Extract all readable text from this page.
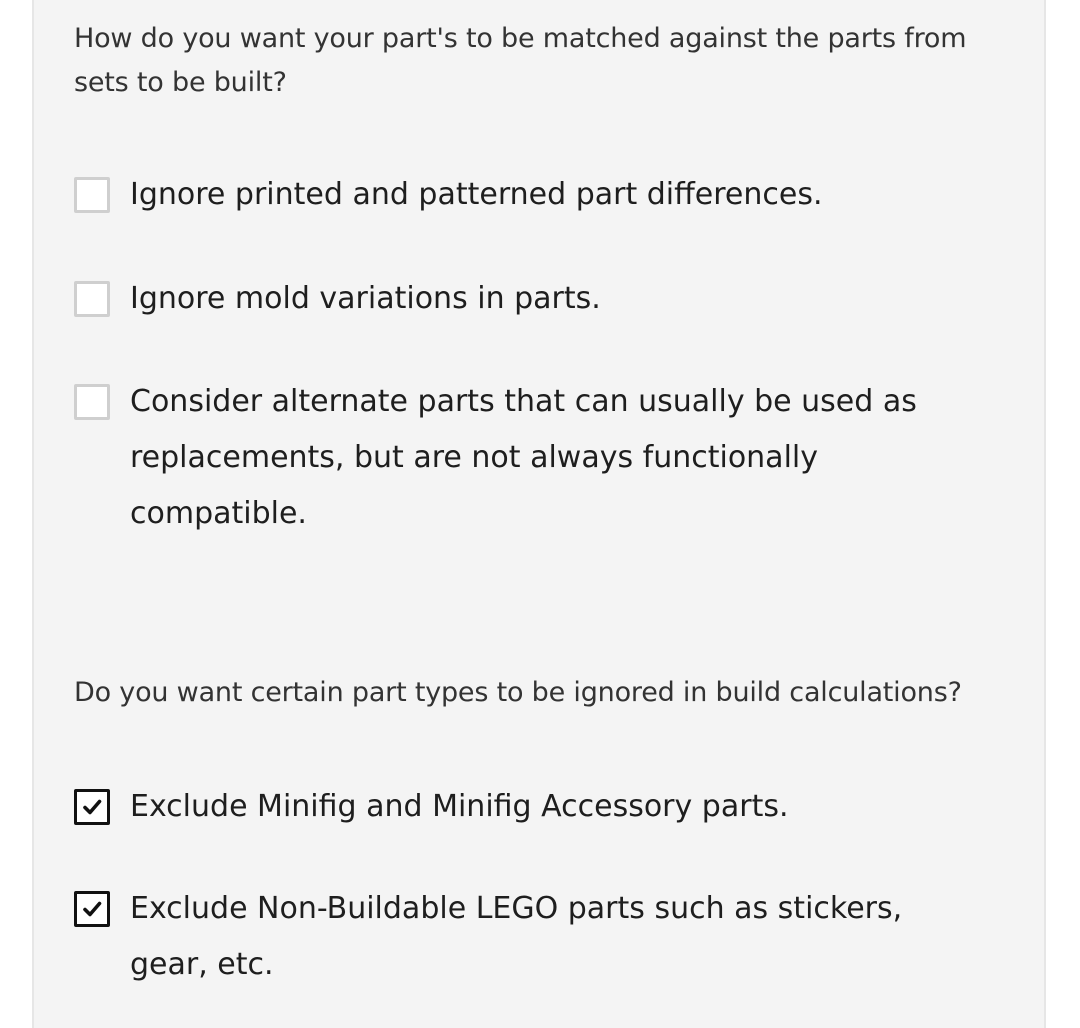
How do you want your part's to be matched against the parts from sets to be built?

Ignore printed and patterned part differences.
Ignore mold variations in parts.
Consider alternate parts that can usually be used as replacements, but are not always functionally compatible.

Do you want certain part types to be ignored in build calculations?

Exclude Minifig and Minifig Accessory parts.
Exclude Non-Buildable LEGO parts such as stickers, gear, etc.
